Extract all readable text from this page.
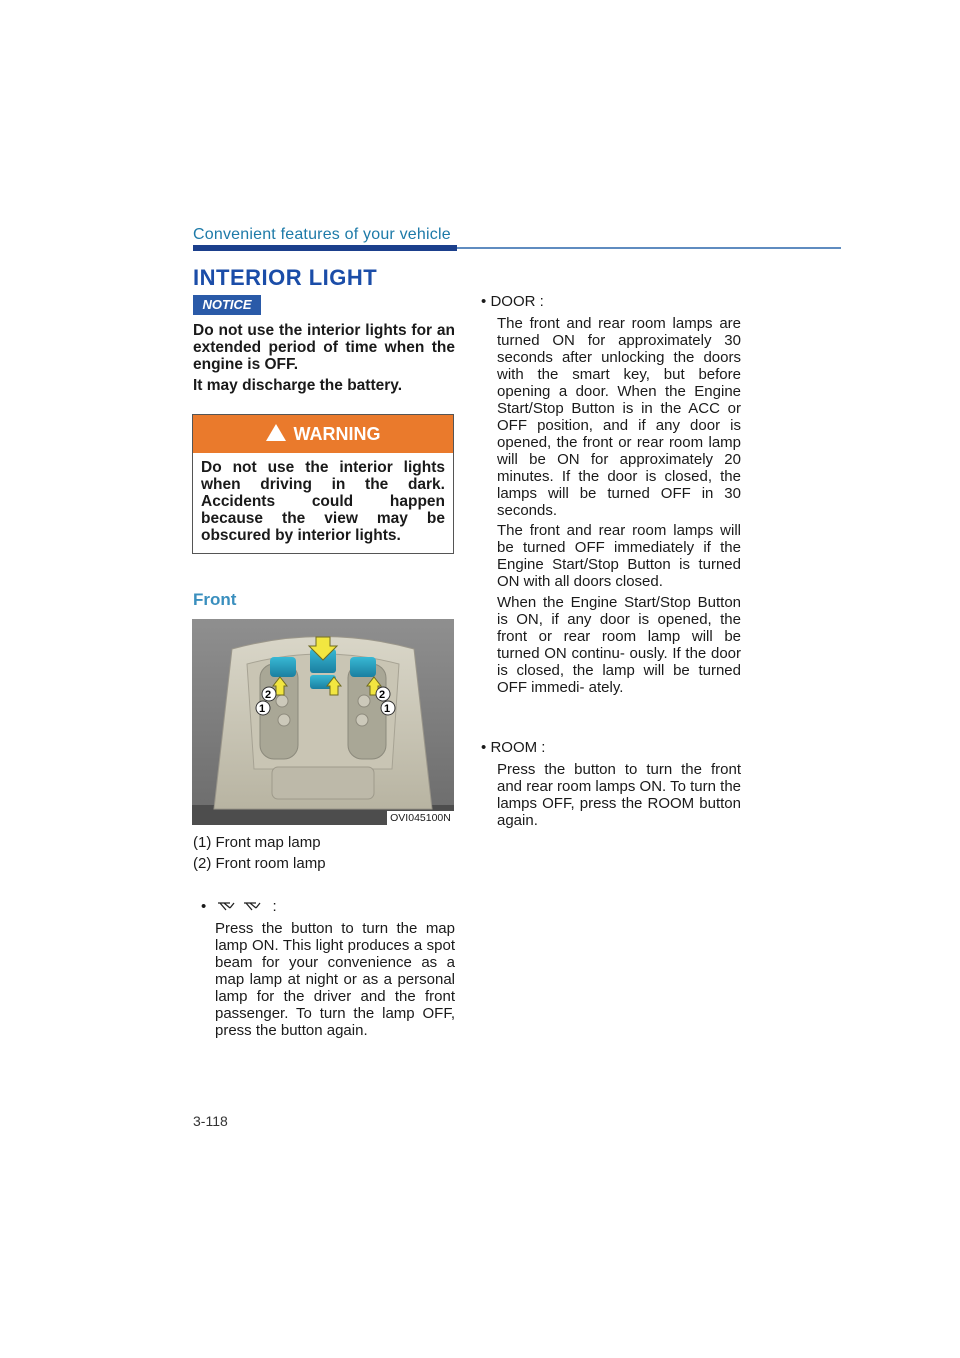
Convenient features of your vehicle
INTERIOR LIGHT
NOTICE
Do not use the interior lights for an extended period of time when the engine is OFF.
It may discharge the battery.
!WARNING
Do not use the interior lights when driving in the dark. Accidents could happen because the view may be obscured by interior lights.
Front
2
1
2
1
OVI045100N
(1) Front map lamp
(2) Front room lamp
•	:
Press the button to turn the map lamp ON. This light produces a spot beam for your convenience as a map lamp at night or as a personal lamp for the driver and the front passenger. To turn the lamp OFF, press the button again.
• DOOR :
The front and rear room lamps are turned ON for approximately 30 seconds after unlocking the doors with the smart key, but before opening a door. When the Engine Start/Stop Button is in the ACC or OFF position, and if any door is opened, the front or rear room lamp will be ON for approximately 20 minutes. If the door is closed, the lamps will be turned OFF in 30 seconds.
The front and rear room lamps will be turned OFF immediately if the Engine Start/Stop Button is turned ON with all doors closed.
When the Engine Start/Stop Button is ON, if any door is opened, the front or rear room lamp will be turned ON continu- ously. If the door is closed, the lamp will be turned OFF immedi- ately.
• ROOM :
Press the button to turn the front and rear room lamps ON. To turn the lamps OFF, press the ROOM button again.
3-118
